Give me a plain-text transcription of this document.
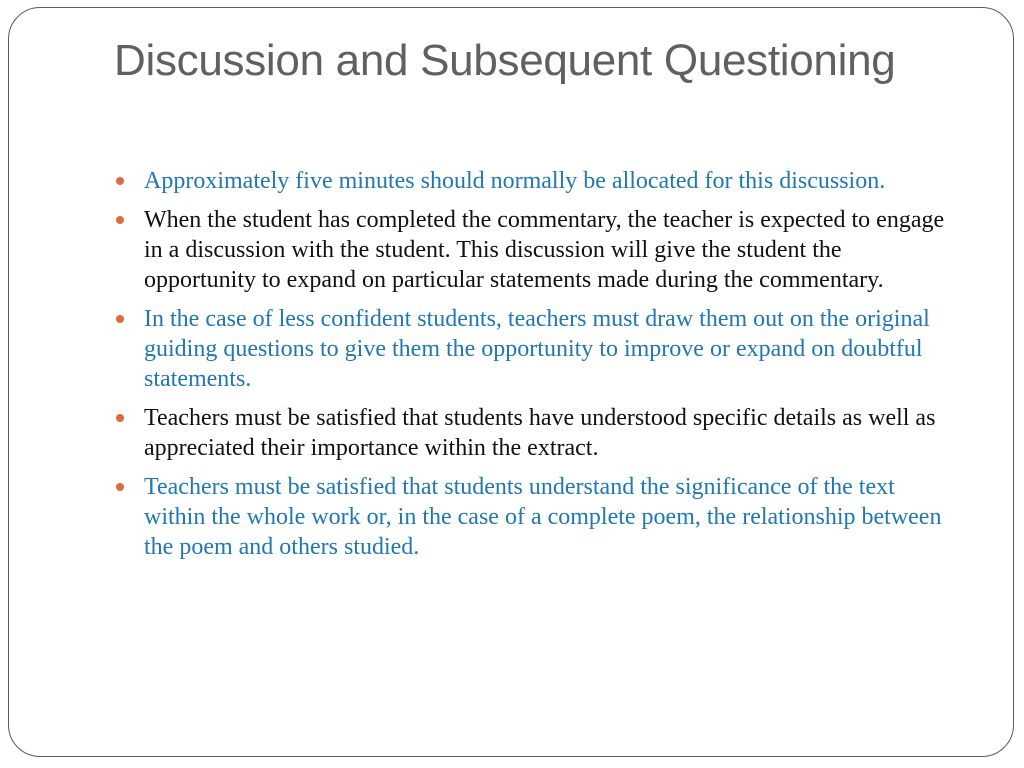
Discussion and Subsequent Questioning
Approximately five minutes should normally be allocated for this discussion.
When the student has completed the commentary, the teacher is expected to engage in a discussion with the student. This discussion will give the student the opportunity to expand on particular statements made during the commentary.
In the case of less confident students, teachers must draw them out on the original guiding questions to give them the opportunity to improve or expand on doubtful statements.
Teachers must be satisfied that students have understood specific details as well as appreciated their importance within the extract.
Teachers must be satisfied that students understand the significance of the text within the whole work or, in the case of a complete poem, the relationship between the poem and others studied.
